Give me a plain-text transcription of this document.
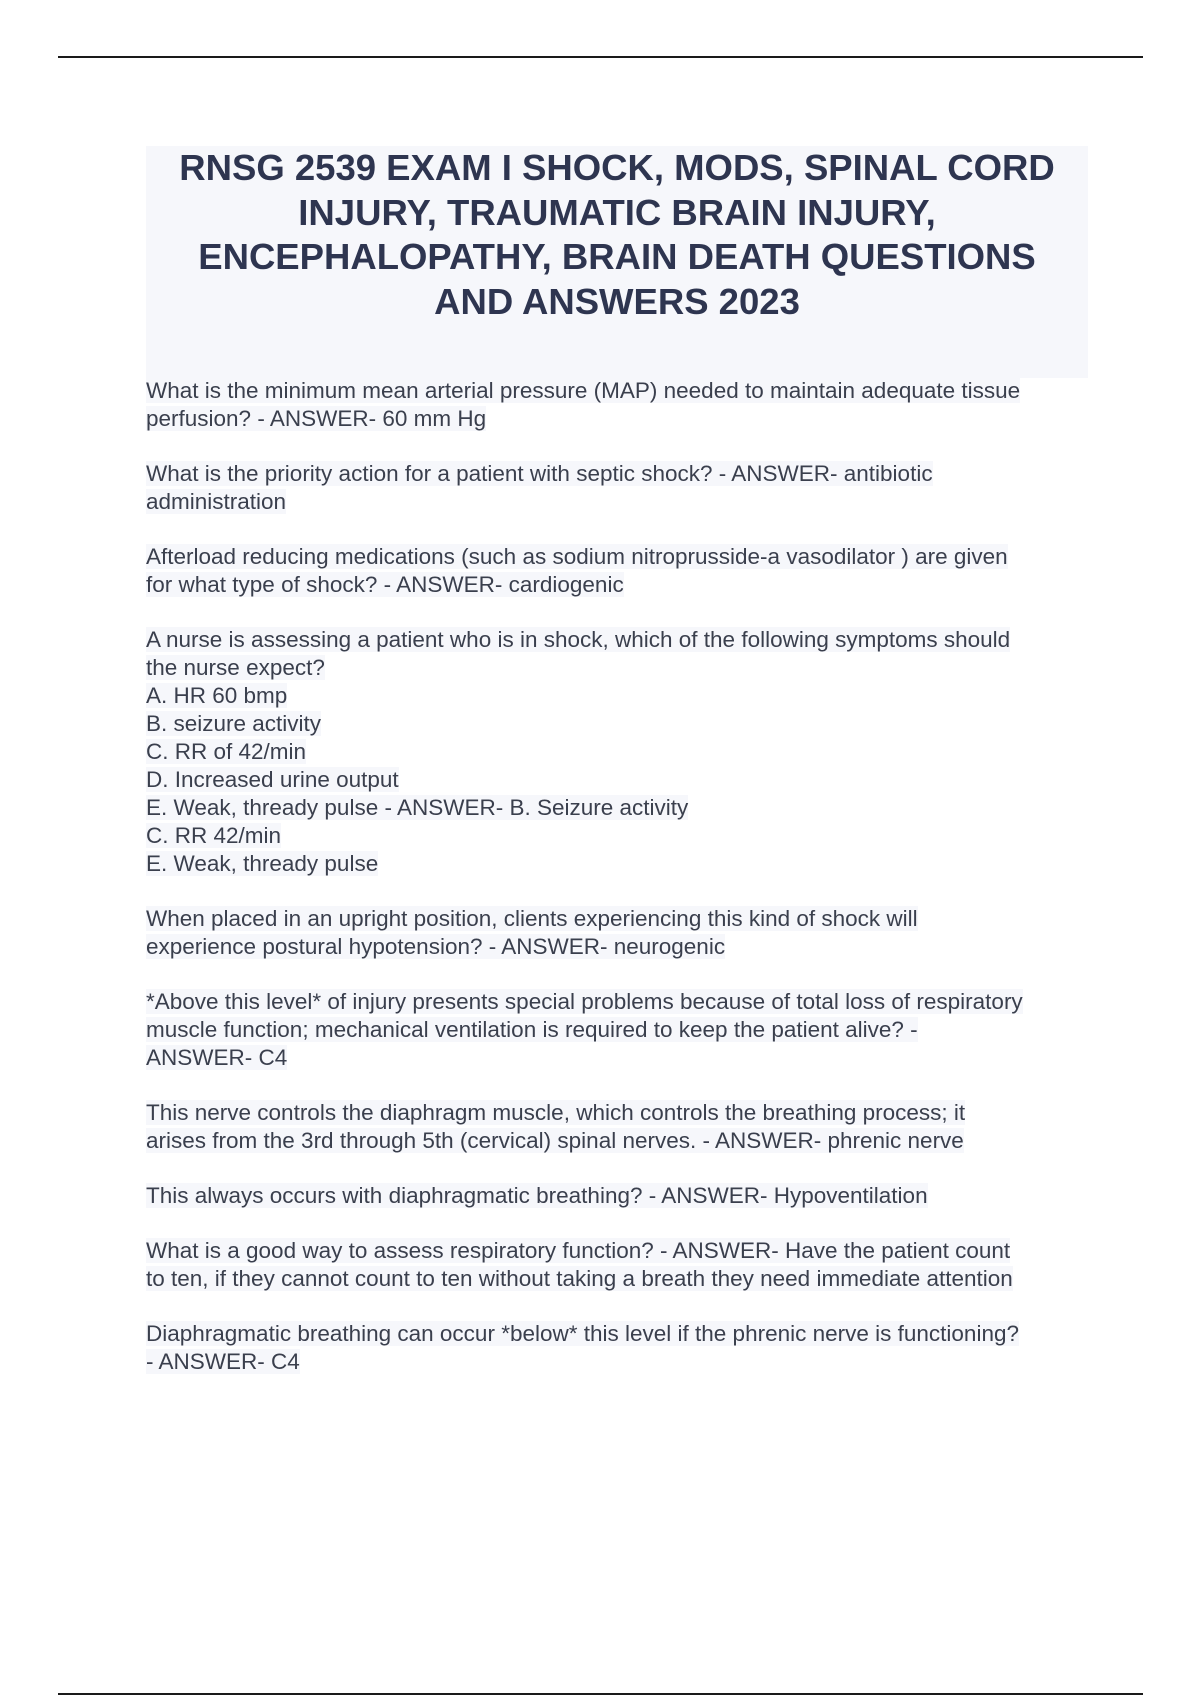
RNSG 2539 EXAM I SHOCK, MODS, SPINAL CORD
INJURY, TRAUMATIC BRAIN INJURY,
ENCEPHALOPATHY, BRAIN DEATH QUESTIONS
AND ANSWERS 2023

What is the minimum mean arterial pressure (MAP) needed to maintain adequate tissue
perfusion? - ANSWER- 60 mm Hg

What is the priority action for a patient with septic shock? - ANSWER- antibiotic
administration

Afterload reducing medications (such as sodium nitroprusside-a vasodilator ) are given
for what type of shock? - ANSWER- cardiogenic

A nurse is assessing a patient who is in shock, which of the following symptoms should
the nurse expect?
A. HR 60 bmp
B. seizure activity
C. RR of 42/min
D. Increased urine output
E. Weak, thready pulse - ANSWER- B. Seizure activity
C. RR 42/min
E. Weak, thready pulse

When placed in an upright position, clients experiencing this kind of shock will
experience postural hypotension? - ANSWER- neurogenic

*Above this level* of injury presents special problems because of total loss of respiratory
muscle function; mechanical ventilation is required to keep the patient alive? -
ANSWER- C4

This nerve controls the diaphragm muscle, which controls the breathing process; it
arises from the 3rd through 5th (cervical) spinal nerves. - ANSWER- phrenic nerve

This always occurs with diaphragmatic breathing? - ANSWER- Hypoventilation

What is a good way to assess respiratory function? - ANSWER- Have the patient count
to ten, if they cannot count to ten without taking a breath they need immediate attention

Diaphragmatic breathing can occur *below* this level if the phrenic nerve is functioning?
- ANSWER- C4
